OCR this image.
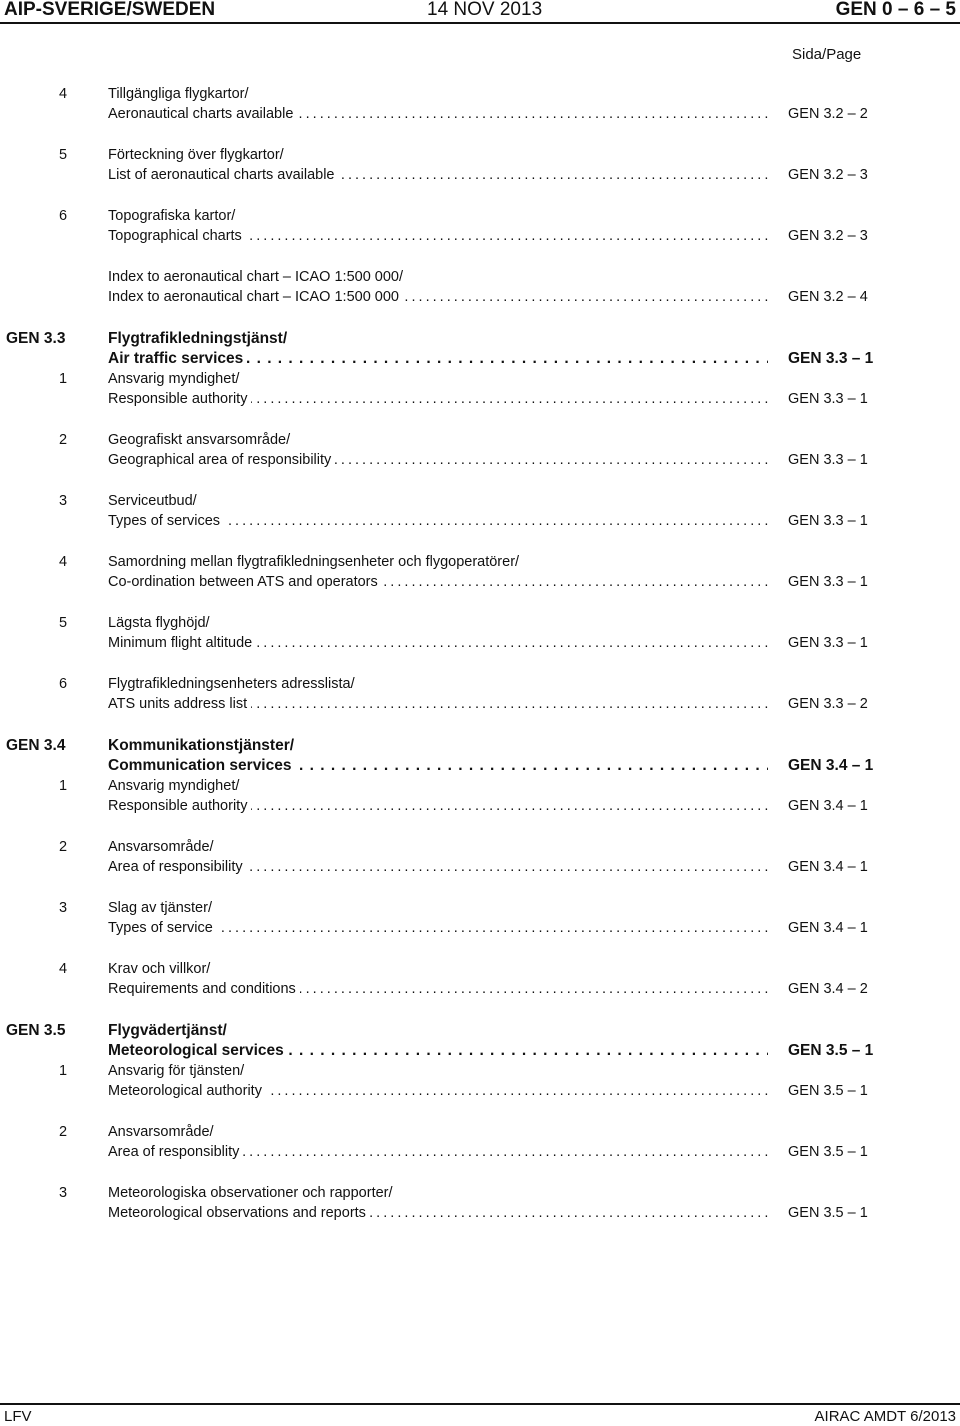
AIP-SVERIGE/SWEDEN	14 NOV 2013	GEN 0 – 6 – 5
Sida/Page
4	Tillgängliga flygkartor/
Aeronautical charts available . . .	GEN 3.2 – 2
5	Förteckning över flygkartor/
List of aeronautical charts available . . .	GEN 3.2 – 3
6	Topografiska kartor/
Topographical charts . . .	GEN 3.2 – 3
Index to aeronautical chart – ICAO 1:500 000/
Index to aeronautical chart – ICAO 1:500 000 . . .	GEN 3.2 – 4
GEN 3.3	Flygtrafikledningstjänst/
Air traffic services . . .	GEN 3.3 – 1
1	Ansvarig myndighet/
Responsible authority . . .	GEN 3.3 – 1
2	Geografiskt ansvarsområde/
Geographical area of responsibility . . .	GEN 3.3 – 1
3	Serviceutbud/
Types of services . . .	GEN 3.3 – 1
4	Samordning mellan flygtrafikledningsenheter och flygoperatörer/
Co-ordination between ATS and operators . . .	GEN 3.3 – 1
5	Lägsta flyghöjd/
Minimum flight altitude . . .	GEN 3.3 – 1
6	Flygtrafikledningsenheters adresslista/
ATS units address list . . .	GEN 3.3 – 2
GEN 3.4	Kommunikationstjänster/
Communication services . . .	GEN 3.4 – 1
1	Ansvarig myndighet/
Responsible authority . . .	GEN 3.4 – 1
2	Ansvarsområde/
Area of responsibility . . .	GEN 3.4 – 1
3	Slag av tjänster/
Types of service . . .	GEN 3.4 – 1
4	Krav och villkor/
Requirements and conditions . . .	GEN 3.4 – 2
GEN 3.5	Flygvädertjänst/
Meteorological services . . .	GEN 3.5 – 1
1	Ansvarig för tjänsten/
Meteorological authority . . .	GEN 3.5 – 1
2	Ansvarsområde/
Area of responsiblity . . .	GEN 3.5 – 1
3	Meteorologiska observationer och rapporter/
Meteorological observations and reports . . .	GEN 3.5 – 1
LFV	AIRAC AMDT 6/2013
